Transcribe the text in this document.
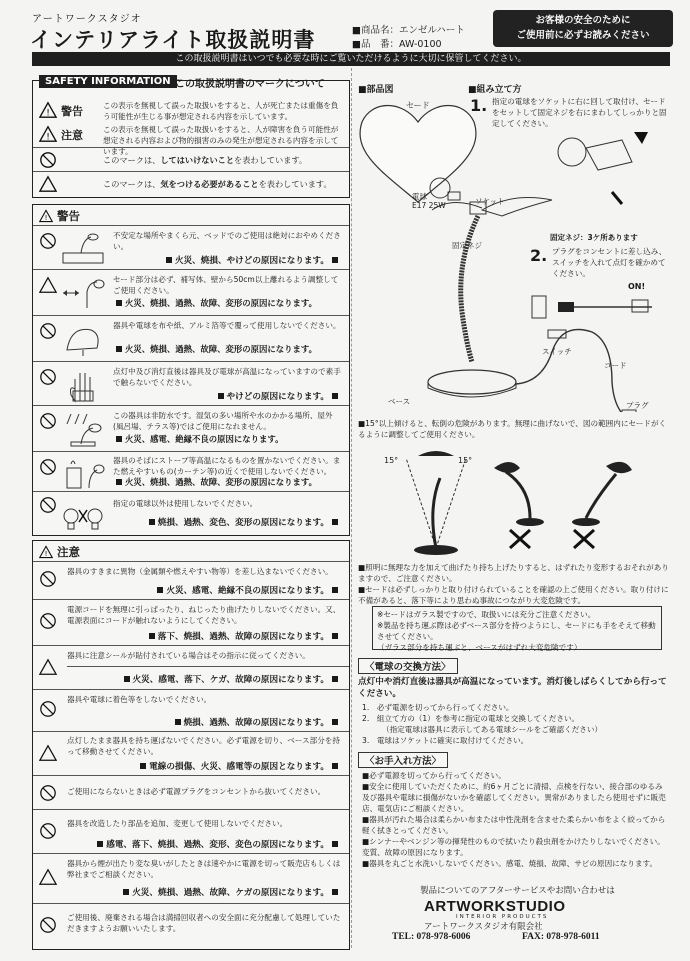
アートワークスタジオ
インテリアライト取扱説明書	■商品名：エンゼルハート
■品　番：AW-0100
お客様の安全のために
ご使用前に必ずお読みください
この取扱説明書はいつでも必要な時にご覧いただけるように大切に保管してください。
SAFETY INFORMATION この取扱説明書のマークについて
! 警告	この表示を無視して誤った取扱いをすると、人が死亡または重傷を負う可能性が生じる事が想定される内容を示しています。
! 注意	この表示を無視して誤った取扱いをすると、人が障害を負う可能性が想定される内容および物的損害のみの発生が想定される内容を示しています。
このマークは、してはいけないことを表わしています。
このマークは、気をつける必要があることを表わしています。
! 警告
不安定な場所やまくら元、ベッドでのご使用は絶対におやめください。
火災、焼損、やけどの原因になります。
セード部分は必ず、補写体、壁から50cm以上離れるよう調整してご使用ください。
火災、焼損、過熱、故障、変形の原因になります。
器具や電球を布や紙、アルミ箔等で覆って使用しないでください。
火災、焼損、過熱、故障、変形の原因になります。
点灯中及び消灯直後は器具及び電球が高温になっていますので素手で触らないでください。
やけどの原因になります。
この器具は非防水です。湿気の多い場所や水のかかる場所、屋外(風呂場、テラス等)ではご使用になれません。
火災、感電、絶縁不良の原因になります。
器具のそばにストーブ等高温になるものを置かないでください。また燃えやすいもの(カーテン等)の近くで使用しないでください。
火災、焼損、過熱、故障、変形の原因になります。
指定の電球以外は使用しないでください。
焼損、過熱、変色、変形の原因になります。
! 注意
器具のすきまに異物（金属類や燃えやすい物等）を差し込まないでください。
火災、感電、絶縁不良の原因になります。
電源コードを無理に引っぱったり、ねじったり曲げたりしないでください。又、電源表面にコードが触れないようにしてください。
落下、焼損、過熱、故障の原因になります。
器具に注意シールが貼付されている場合はその指示に従ってください。
火災、感電、落下、ケガ、故障の原因になります。
器具や電球に着色等をしないでください。
焼損、過熱、故障の原因になります。
点灯したまま器具を持ち運ばないでください。必ず電源を切り、ベース部分を持って移動させてください。
電線の損傷、火災、感電等の原因となります。
ご使用にならないときは必ず電源プラグをコンセントから抜いてください。
器具を改造したり部品を追加、変更して使用しないでください。
感電、落下、焼損、過熱、変形、変色の原因になります。
器具から煙が出たり変な臭いがしたときは速やかに電源を切って販売店もしくは弊社までご相談ください。
火災、焼損、過熱、故障、ケガの原因になります。
ご使用後、廃棄される場合は満掃回収者への安全面に充分配慮して処理していただきますようお願いいたします。
■部品図	■組み立て方
セード
電球
E17 25W	ソケット
固定ネジ
ベース
スイッチ
コード
プラグ
1. 指定の電球をソケットに右に回して取付け、セードをセットして固定ネジを右にまわしてしっかりと固定してください。
固定ネジ：3ケ所あります
2. プラグをコンセントに差し込み、スイッチを入れて点灯を確かめてください。
ON!
■15°以上傾けると、転倒の危険があります。無理に曲げないで、図の範囲内にセードがくるように調整してご使用ください。
15°	15°
■照明に無理な力を加えて曲げたり持ち上げたりすると、はずれたり変形するおそれがありますので、ご注意ください。
■セードは必ずしっかりと取り付けられていることを確認の上ご使用ください。取り付けに不備があると、落下等により思わぬ事故につながり大変危険です。
※セードはガラス製ですので、取扱いには充分ご注意ください。
※製品を持ち運ぶ際は必ずベース部分を持つようにし、セードにも手をそえて移動させてください。
（ガラス部分を持ち運ぶと、ベースがはずれ大変危険です）
〈電球の交換方法〉
点灯中や消灯直後は器具が高温になっています。消灯後しばらくしてから行ってください。
1.　必ず電源を切ってから行ってください。
2.　組立て方の（1）を参考に指定の電球と交換してください。
（指定電球は器具に表示してある電球シールをご確認ください）
3.　電球はソケットに確実に取付けてください。
〈お手入れ方法〉
■必ず電源を切ってから行ってください。
■安全に使用していただくために、約6ヶ月ごとに清掃、点検を行ない、接合部のゆるみ及び器具や電球に損傷がないかを確認してください。異常がありましたら使用せずに販売店、電気店にご相談ください。
■器具が汚れた場合は柔らかい布または中性洗剤を含ませた柔らかい布をよく絞ってから軽く拭きとってください。
■シンナーやベンジン等の揮発性のもので拭いたり殺虫剤をかけたりしないでください。変質、故障の原因になります。
■器具を丸ごと水洗いしないでください。感電、焼損、故障、サビの原因になります。
製品についてのアフターサービスやお問い合わせは
ARTWORKSTUDIO
INTERIOR PRODUCTS
アートワークスタジオ有限会社
TEL: 078-978-6006	FAX: 078-978-6011
